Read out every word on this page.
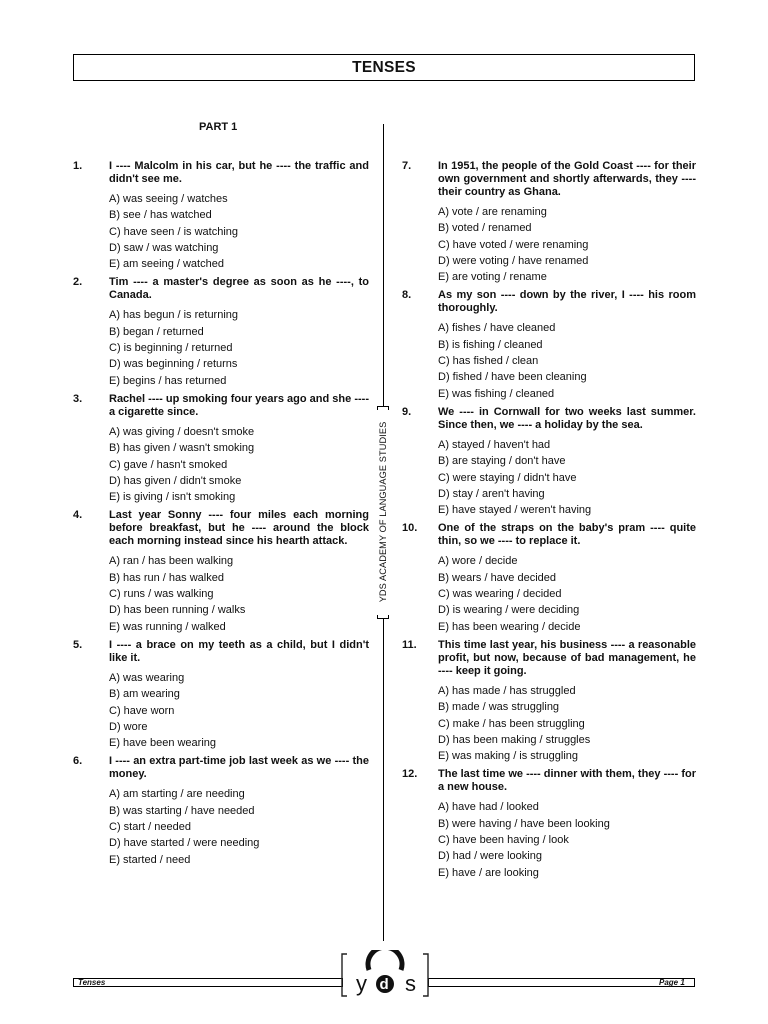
TENSES
PART 1
YDS ACADEMY OF LANGUAGE STUDIES
1.	I ---- Malcolm in his car, but he ---- the traffic and didn't see me.
A) was seeing / watches
B) see / has watched
C) have seen / is watching
D) saw / was watching
E) am seeing / watched
2.	Tim ---- a master's degree as soon as he ----, to Canada.
A) has begun / is returning
B) began / returned
C) is beginning / returned
D) was beginning / returns
E) begins / has returned
3.	Rachel ---- up smoking four years ago and she ---- a cigarette since.
A) was giving / doesn't smoke
B) has given / wasn't smoking
C) gave / hasn't smoked
D) has given / didn't smoke
E) is giving / isn't smoking
4.	Last year Sonny ---- four miles each morning before breakfast, but he ---- around the block each morning instead since his hearth attack.
A) ran / has been walking
B) has run / has walked
C) runs / was walking
D) has been running / walks
E) was running / walked
5.	I ---- a brace on my teeth as a child, but I didn't like it.
A) was wearing
B) am wearing
C) have worn
D) wore
E) have been wearing
6.	I ---- an extra part-time job last week as we ---- the money.
A) am starting / are needing
B) was starting / have needed
C) start / needed
D) have started / were needing
E) started / need
7.	In 1951, the people of the Gold Coast ---- for their own government and shortly afterwards, they ---- their country as Ghana.
A) vote / are renaming
B) voted / renamed
C) have voted / were renaming
D) were voting / have renamed
E) are voting / rename
8.	As my son ---- down by the river, I ---- his room thoroughly.
A) fishes / have cleaned
B) is fishing / cleaned
C) has fished / clean
D) fished / have been cleaning
E) was fishing / cleaned
9.	We ---- in Cornwall for two weeks last summer. Since then, we ---- a holiday by the sea.
A) stayed / haven't had
B) are staying / don't have
C) were staying / didn't have
D) stay / aren't having
E) have stayed / weren't having
10.	One of the straps on the baby's pram ---- quite thin, so we ---- to replace it.
A) wore / decide
B) wears / have decided
C) was wearing / decided
D) is wearing / were deciding
E) has been wearing / decide
11.	This time last year, his business ---- a reasonable profit, but now, because of bad management, he ---- keep it going.
A) has made / has struggled
B) made / was struggling
C) make / has been struggling
D) has been making / struggles
E) was making / is struggling
12.	The last time we ---- dinner with them, they ---- for a new house.
A) have had / looked
B) were having / have been looking
C) have been having / look
D) had / were looking
E) have / are looking
Tenses	Page 1
y d s
